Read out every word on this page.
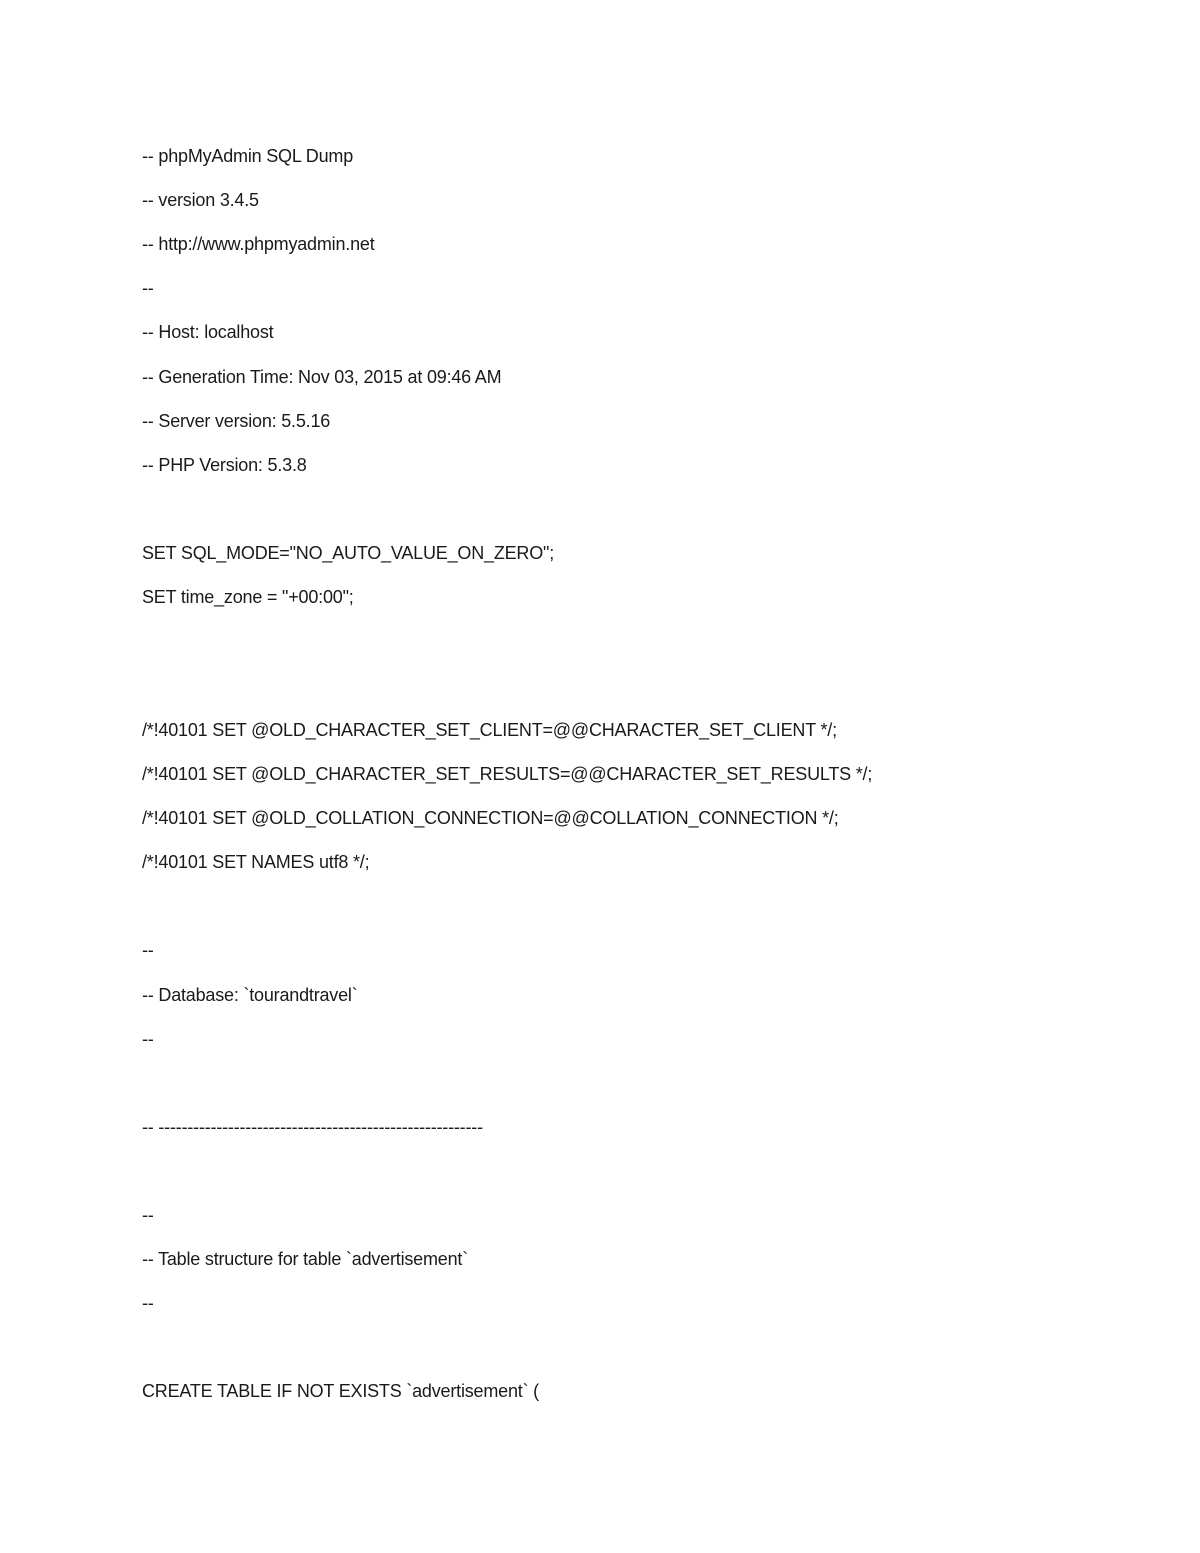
-- phpMyAdmin SQL Dump
-- version 3.4.5
-- http://www.phpmyadmin.net
--
-- Host: localhost
-- Generation Time: Nov 03, 2015 at 09:46 AM
-- Server version: 5.5.16
-- PHP Version: 5.3.8
SET SQL_MODE="NO_AUTO_VALUE_ON_ZERO";
SET time_zone = "+00:00";
/*!40101 SET @OLD_CHARACTER_SET_CLIENT=@@CHARACTER_SET_CLIENT */;
/*!40101 SET @OLD_CHARACTER_SET_RESULTS=@@CHARACTER_SET_RESULTS */;
/*!40101 SET @OLD_COLLATION_CONNECTION=@@COLLATION_CONNECTION */;
/*!40101 SET NAMES utf8 */;
--
-- Database: `tourandtravel`
--
-- --------------------------------------------------------
--
-- Table structure for table `advertisement`
--
CREATE TABLE IF NOT EXISTS `advertisement` (
